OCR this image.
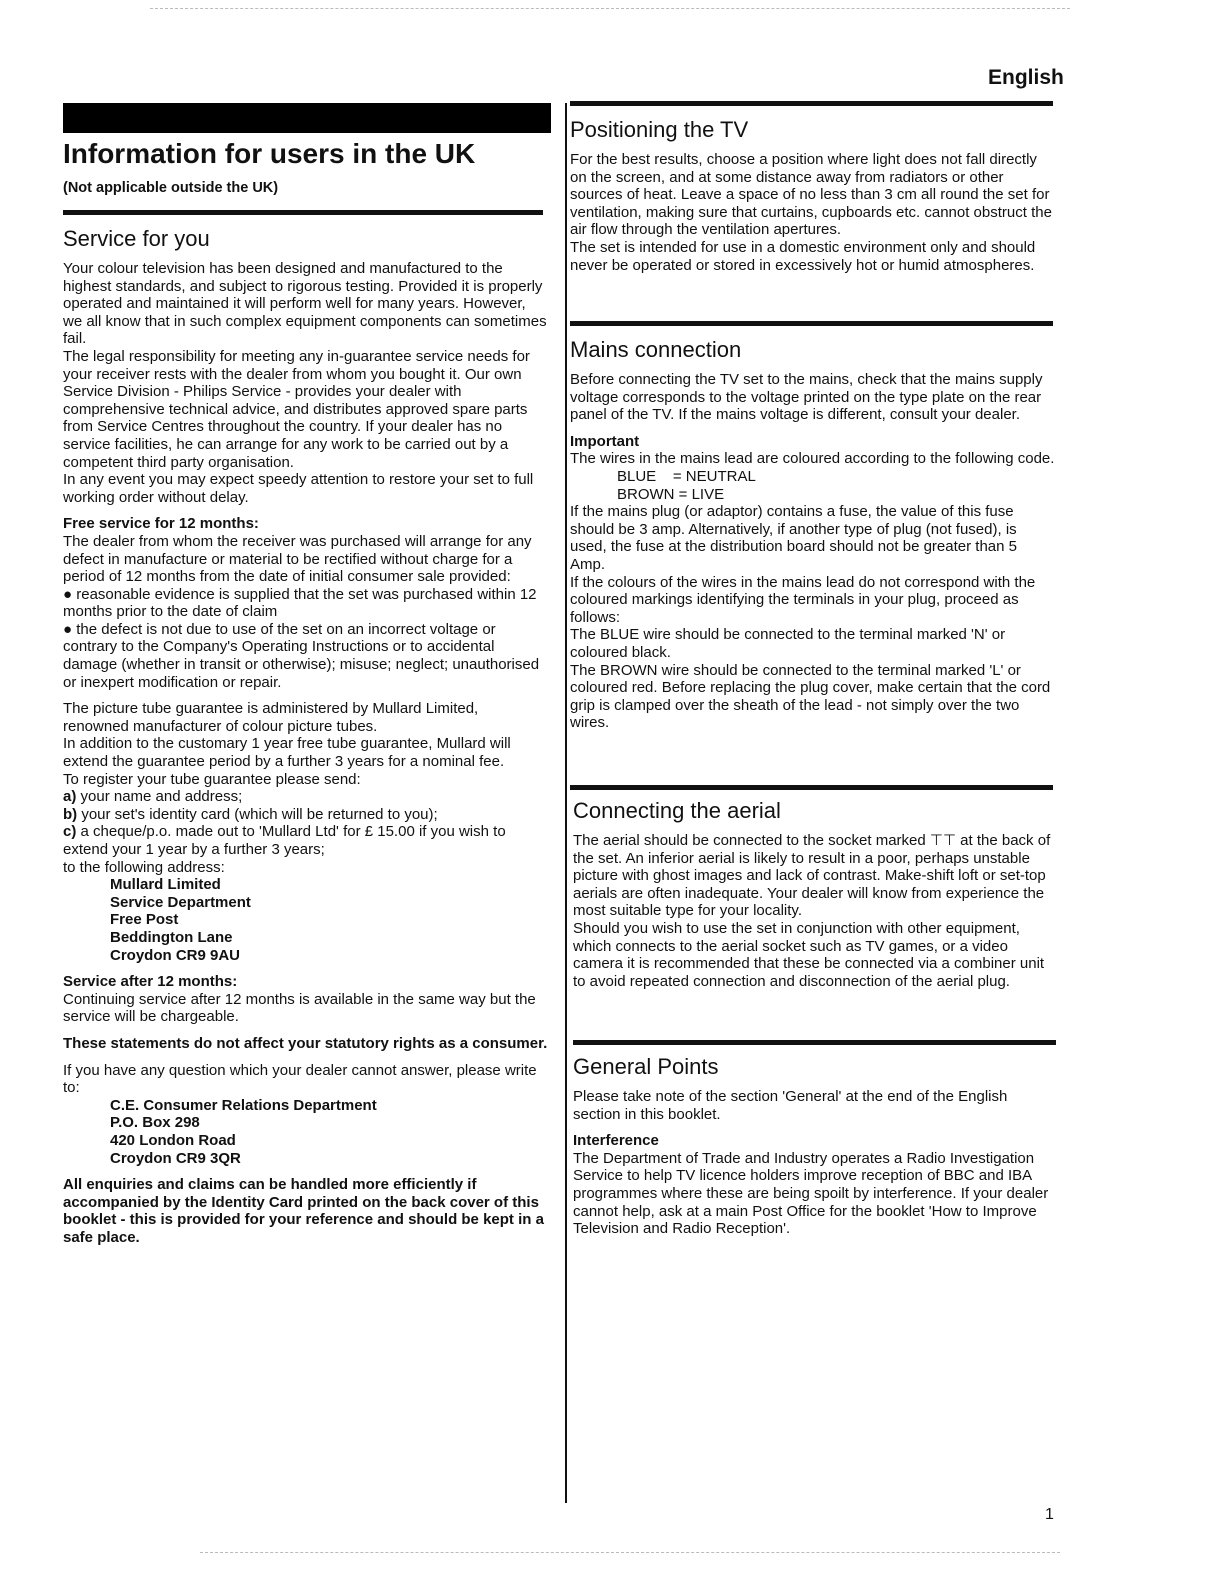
English
Information for users in the UK
(Not applicable outside the UK)
Service for you

Your colour television has been designed and manufactured to the highest standards, and subject to rigorous testing. Provided it is properly operated and maintained it will perform well for many years. However, we all know that in such complex equipment components can sometimes fail.

The legal responsibility for meeting any in-guarantee service needs for your receiver rests with the dealer from whom you bought it. Our own Service Division - Philips Service - provides your dealer with comprehensive technical advice, and distributes approved spare parts from Service Centres throughout the country. If your dealer has no service facilities, he can arrange for any work to be carried out by a competent third party organisation.

In any event you may expect speedy attention to restore your set to full working order without delay.

Free service for 12 months:

The dealer from whom the receiver was purchased will arrange for any defect in manufacture or material to be rectified without charge for a period of 12 months from the date of initial consumer sale provided:

● reasonable evidence is supplied that the set was purchased within 12 months prior to the date of claim

● the defect is not due to use of the set on an incorrect voltage or contrary to the Company's Operating Instructions or to accidental damage (whether in transit or otherwise); misuse; neglect; unauthorised or inexpert modification or repair.

The picture tube guarantee is administered by Mullard Limited, renowned manufacturer of colour picture tubes.

In addition to the customary 1 year free tube guarantee, Mullard will extend the guarantee period by a further 3 years for a nominal fee.

To register your tube guarantee please send:

a) your name and address;

b) your set's identity card (which will be returned to you);

c) a cheque/p.o. made out to 'Mullard Ltd' for £ 15.00 if you wish to extend your 1 year by a further 3 years;

to the following address:

Mullard Limited

Service Department

Free Post

Beddington Lane

Croydon CR9 9AU

Service after 12 months:

Continuing service after 12 months is available in the same way but the service will be chargeable.

These statements do not affect your statutory rights as a consumer.

If you have any question which your dealer cannot answer, please write to:

C.E. Consumer Relations Department

P.O. Box 298

420 London Road

Croydon CR9 3QR

All enquiries and claims can be handled more efficiently if accompanied by the Identity Card printed on the back cover of this booklet - this is provided for your reference and should be kept in a safe place.

Positioning the TV

For the best results, choose a position where light does not fall directly on the screen, and at some distance away from radiators or other sources of heat. Leave a space of no less than 3 cm all round the set for ventilation, making sure that curtains, cupboards etc. cannot obstruct the air flow through the ventilation apertures.

The set is intended for use in a domestic environment only and should never be operated or stored in excessively hot or humid atmospheres.

Mains connection

Before connecting the TV set to the mains, check that the mains supply voltage corresponds to the voltage printed on the type plate on the rear panel of the TV. If the mains voltage is different, consult your dealer.

Important

The wires in the mains lead are coloured according to the following code.

BLUE    = NEUTRAL

BROWN = LIVE

If the mains plug (or adaptor) contains a fuse, the value of this fuse should be 3 amp. Alternatively, if another type of plug (not fused), is used, the fuse at the distribution board should not be greater than 5 Amp.

If the colours of the wires in the mains lead do not correspond with the coloured markings identifying the terminals in your plug, proceed as follows:

The BLUE wire should be connected to the terminal marked 'N' or coloured black.

The BROWN wire should be connected to the terminal marked 'L' or coloured red. Before replacing the plug cover, make certain that the cord grip is clamped over the sheath of the lead - not simply over the two wires.

Connecting the aerial

The aerial should be connected to the socket marked ⊤⊤ at the back of the set. An inferior aerial is likely to result in a poor, perhaps unstable picture with ghost images and lack of contrast. Make-shift loft or set-top aerials are often inadequate. Your dealer will know from experience the most suitable type for your locality.

Should you wish to use the set in conjunction with other equipment, which connects to the aerial socket such as TV games, or a video camera it is recommended that these be connected via a combiner unit to avoid repeated connection and disconnection of the aerial plug.

General Points

Please take note of the section 'General' at the end of the English section in this booklet.

Interference

The Department of Trade and Industry operates a Radio Investigation Service to help TV licence holders improve reception of BBC and IBA programmes where these are being spoilt by interference. If your dealer cannot help, ask at a main Post Office for the booklet 'How to Improve Television and Radio Reception'.

1
